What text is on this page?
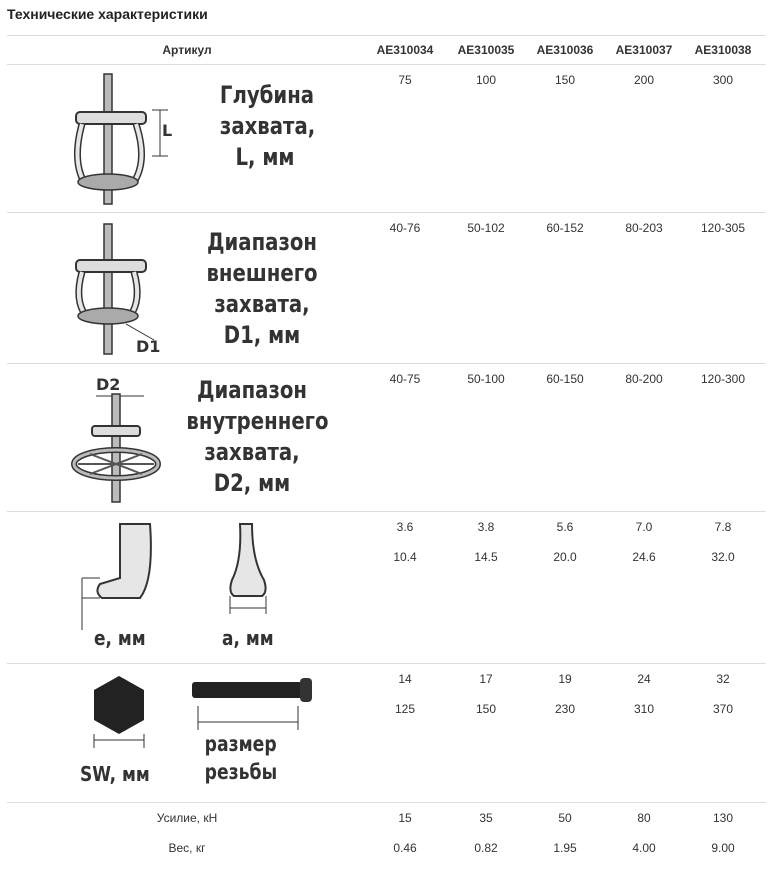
Технические характеристики
Артикул	AE310034	AE310035	AE310036	AE310037	AE310038
L
Глубина
захвата,
L, мм
75	100	150	200	300
D1
Диапазон
внешнего
захвата,
D1, мм
40-76	50-102	60-152	80-203	120-305
D2	Диапазон
внутреннего
захвата,
D2, мм
40-75	50-100	60-150	80-200	120-300
e, мм	a, мм
3.6	3.8	5.6	7.0	7.8
10.4	14.5	20.0	24.6	32.0
SW, мм
размер
резьбы
14	17	19	24	32
125	150	230	310	370
Усилие, кН	15	35	50	80	130
Вес, кг	0.46	0.82	1.95	4.00	9.00
